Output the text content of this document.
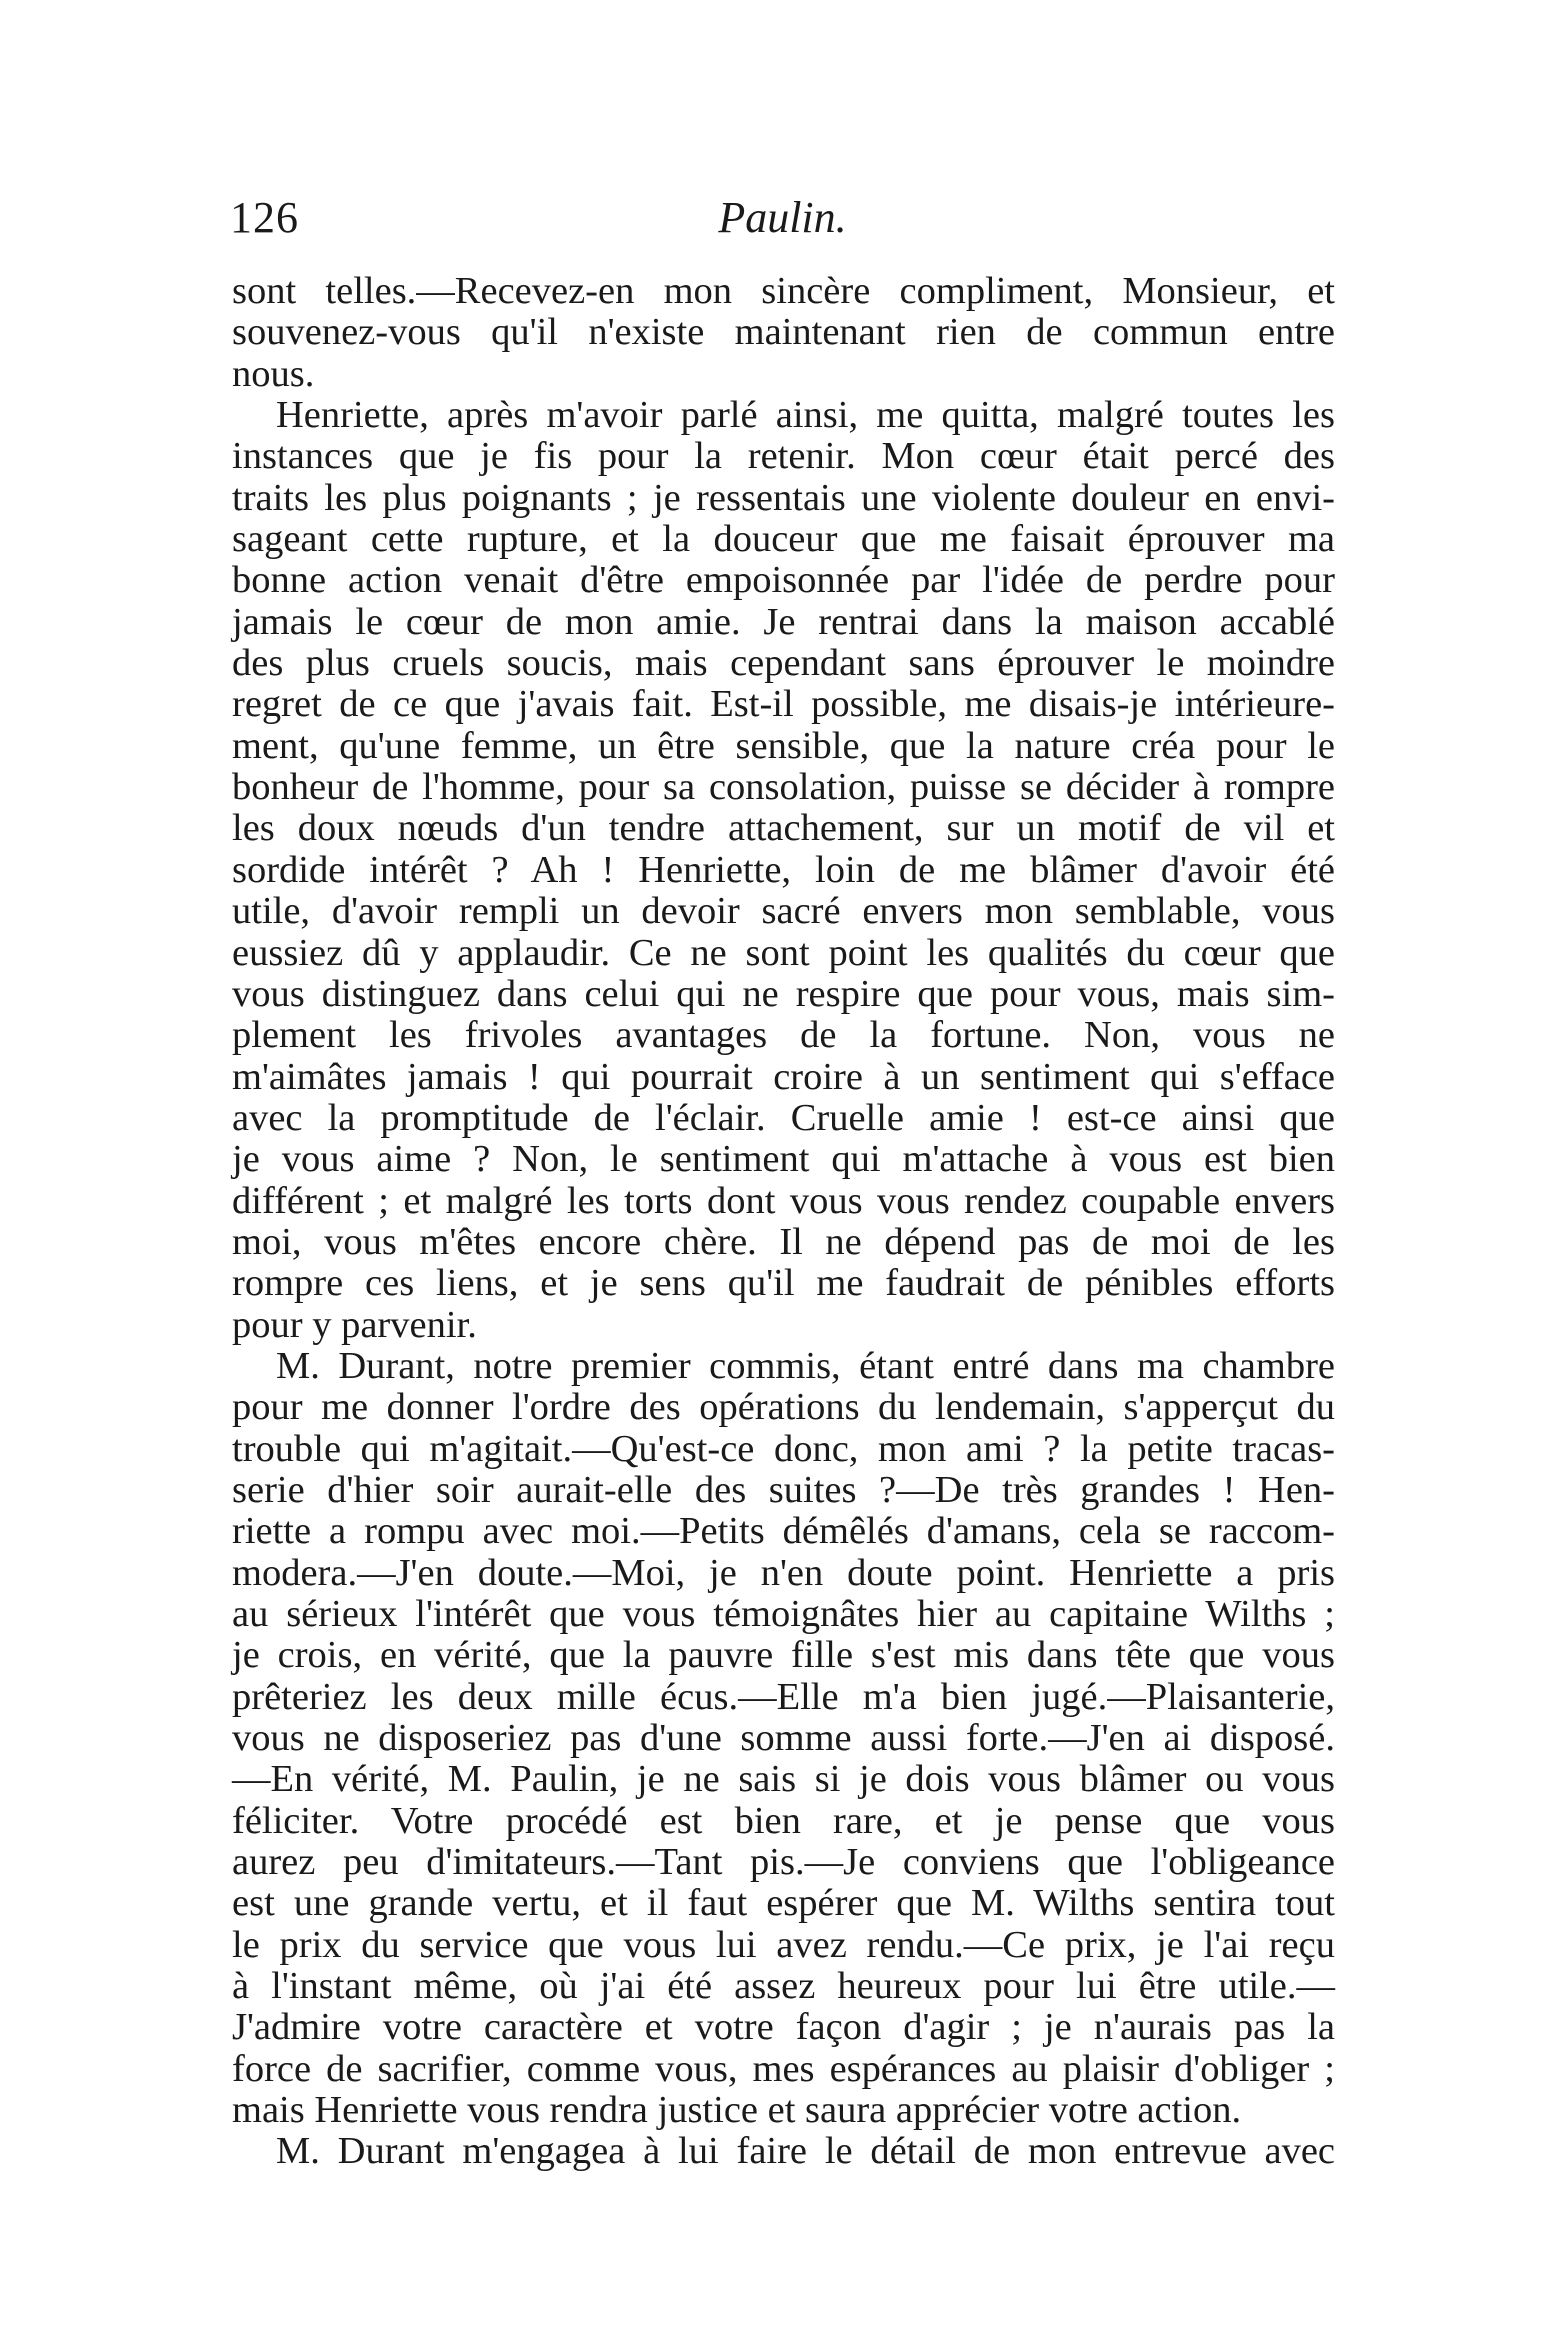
126	Paulin.
sont telles.—Recevez-en mon sincère compliment, Monsieur, et
souvenez-vous qu'il n'existe maintenant rien de commun entre
nous.
Henriette, après m'avoir parlé ainsi, me quitta, malgré toutes les
instances que je fis pour la retenir. Mon cœur était percé des
traits les plus poignants ; je ressentais une violente douleur en envi-
sageant cette rupture, et la douceur que me faisait éprouver ma
bonne action venait d'être empoisonnée par l'idée de perdre pour
jamais le cœur de mon amie. Je rentrai dans la maison accablé
des plus cruels soucis, mais cependant sans éprouver le moindre
regret de ce que j'avais fait. Est-il possible, me disais-je intérieure-
ment, qu'une femme, un être sensible, que la nature créa pour le
bonheur de l'homme, pour sa consolation, puisse se décider à rompre
les doux nœuds d'un tendre attachement, sur un motif de vil et
sordide intérêt ? Ah ! Henriette, loin de me blâmer d'avoir été
utile, d'avoir rempli un devoir sacré envers mon semblable, vous
eussiez dû y applaudir. Ce ne sont point les qualités du cœur que
vous distinguez dans celui qui ne respire que pour vous, mais sim-
plement les frivoles avantages de la fortune. Non, vous ne
m'aimâtes jamais ! qui pourrait croire à un sentiment qui s'efface
avec la promptitude de l'éclair. Cruelle amie ! est-ce ainsi que
je vous aime ? Non, le sentiment qui m'attache à vous est bien
différent ; et malgré les torts dont vous vous rendez coupable envers
moi, vous m'êtes encore chère. Il ne dépend pas de moi de les
rompre ces liens, et je sens qu'il me faudrait de pénibles efforts
pour y parvenir.
M. Durant, notre premier commis, étant entré dans ma chambre
pour me donner l'ordre des opérations du lendemain, s'apperçut du
trouble qui m'agitait.—Qu'est-ce donc, mon ami ? la petite tracas-
serie d'hier soir aurait-elle des suites ?—De très grandes ! Hen-
riette a rompu avec moi.—Petits démêlés d'amans, cela se raccom-
modera.—J'en doute.—Moi, je n'en doute point. Henriette a pris
au sérieux l'intérêt que vous témoignâtes hier au capitaine Wilths ;
je crois, en vérité, que la pauvre fille s'est mis dans tête que vous
prêteriez les deux mille écus.—Elle m'a bien jugé.—Plaisanterie,
vous ne disposeriez pas d'une somme aussi forte.—J'en ai disposé.
—En vérité, M. Paulin, je ne sais si je dois vous blâmer ou vous
féliciter. Votre procédé est bien rare, et je pense que vous
aurez peu d'imitateurs.—Tant pis.—Je conviens que l'obligeance
est une grande vertu, et il faut espérer que M. Wilths sentira tout
le prix du service que vous lui avez rendu.—Ce prix, je l'ai reçu
à l'instant même, où j'ai été assez heureux pour lui être utile.—
J'admire votre caractère et votre façon d'agir ; je n'aurais pas la
force de sacrifier, comme vous, mes espérances au plaisir d'obliger ;
mais Henriette vous rendra justice et saura apprécier votre action.
M. Durant m'engagea à lui faire le détail de mon entrevue avec
